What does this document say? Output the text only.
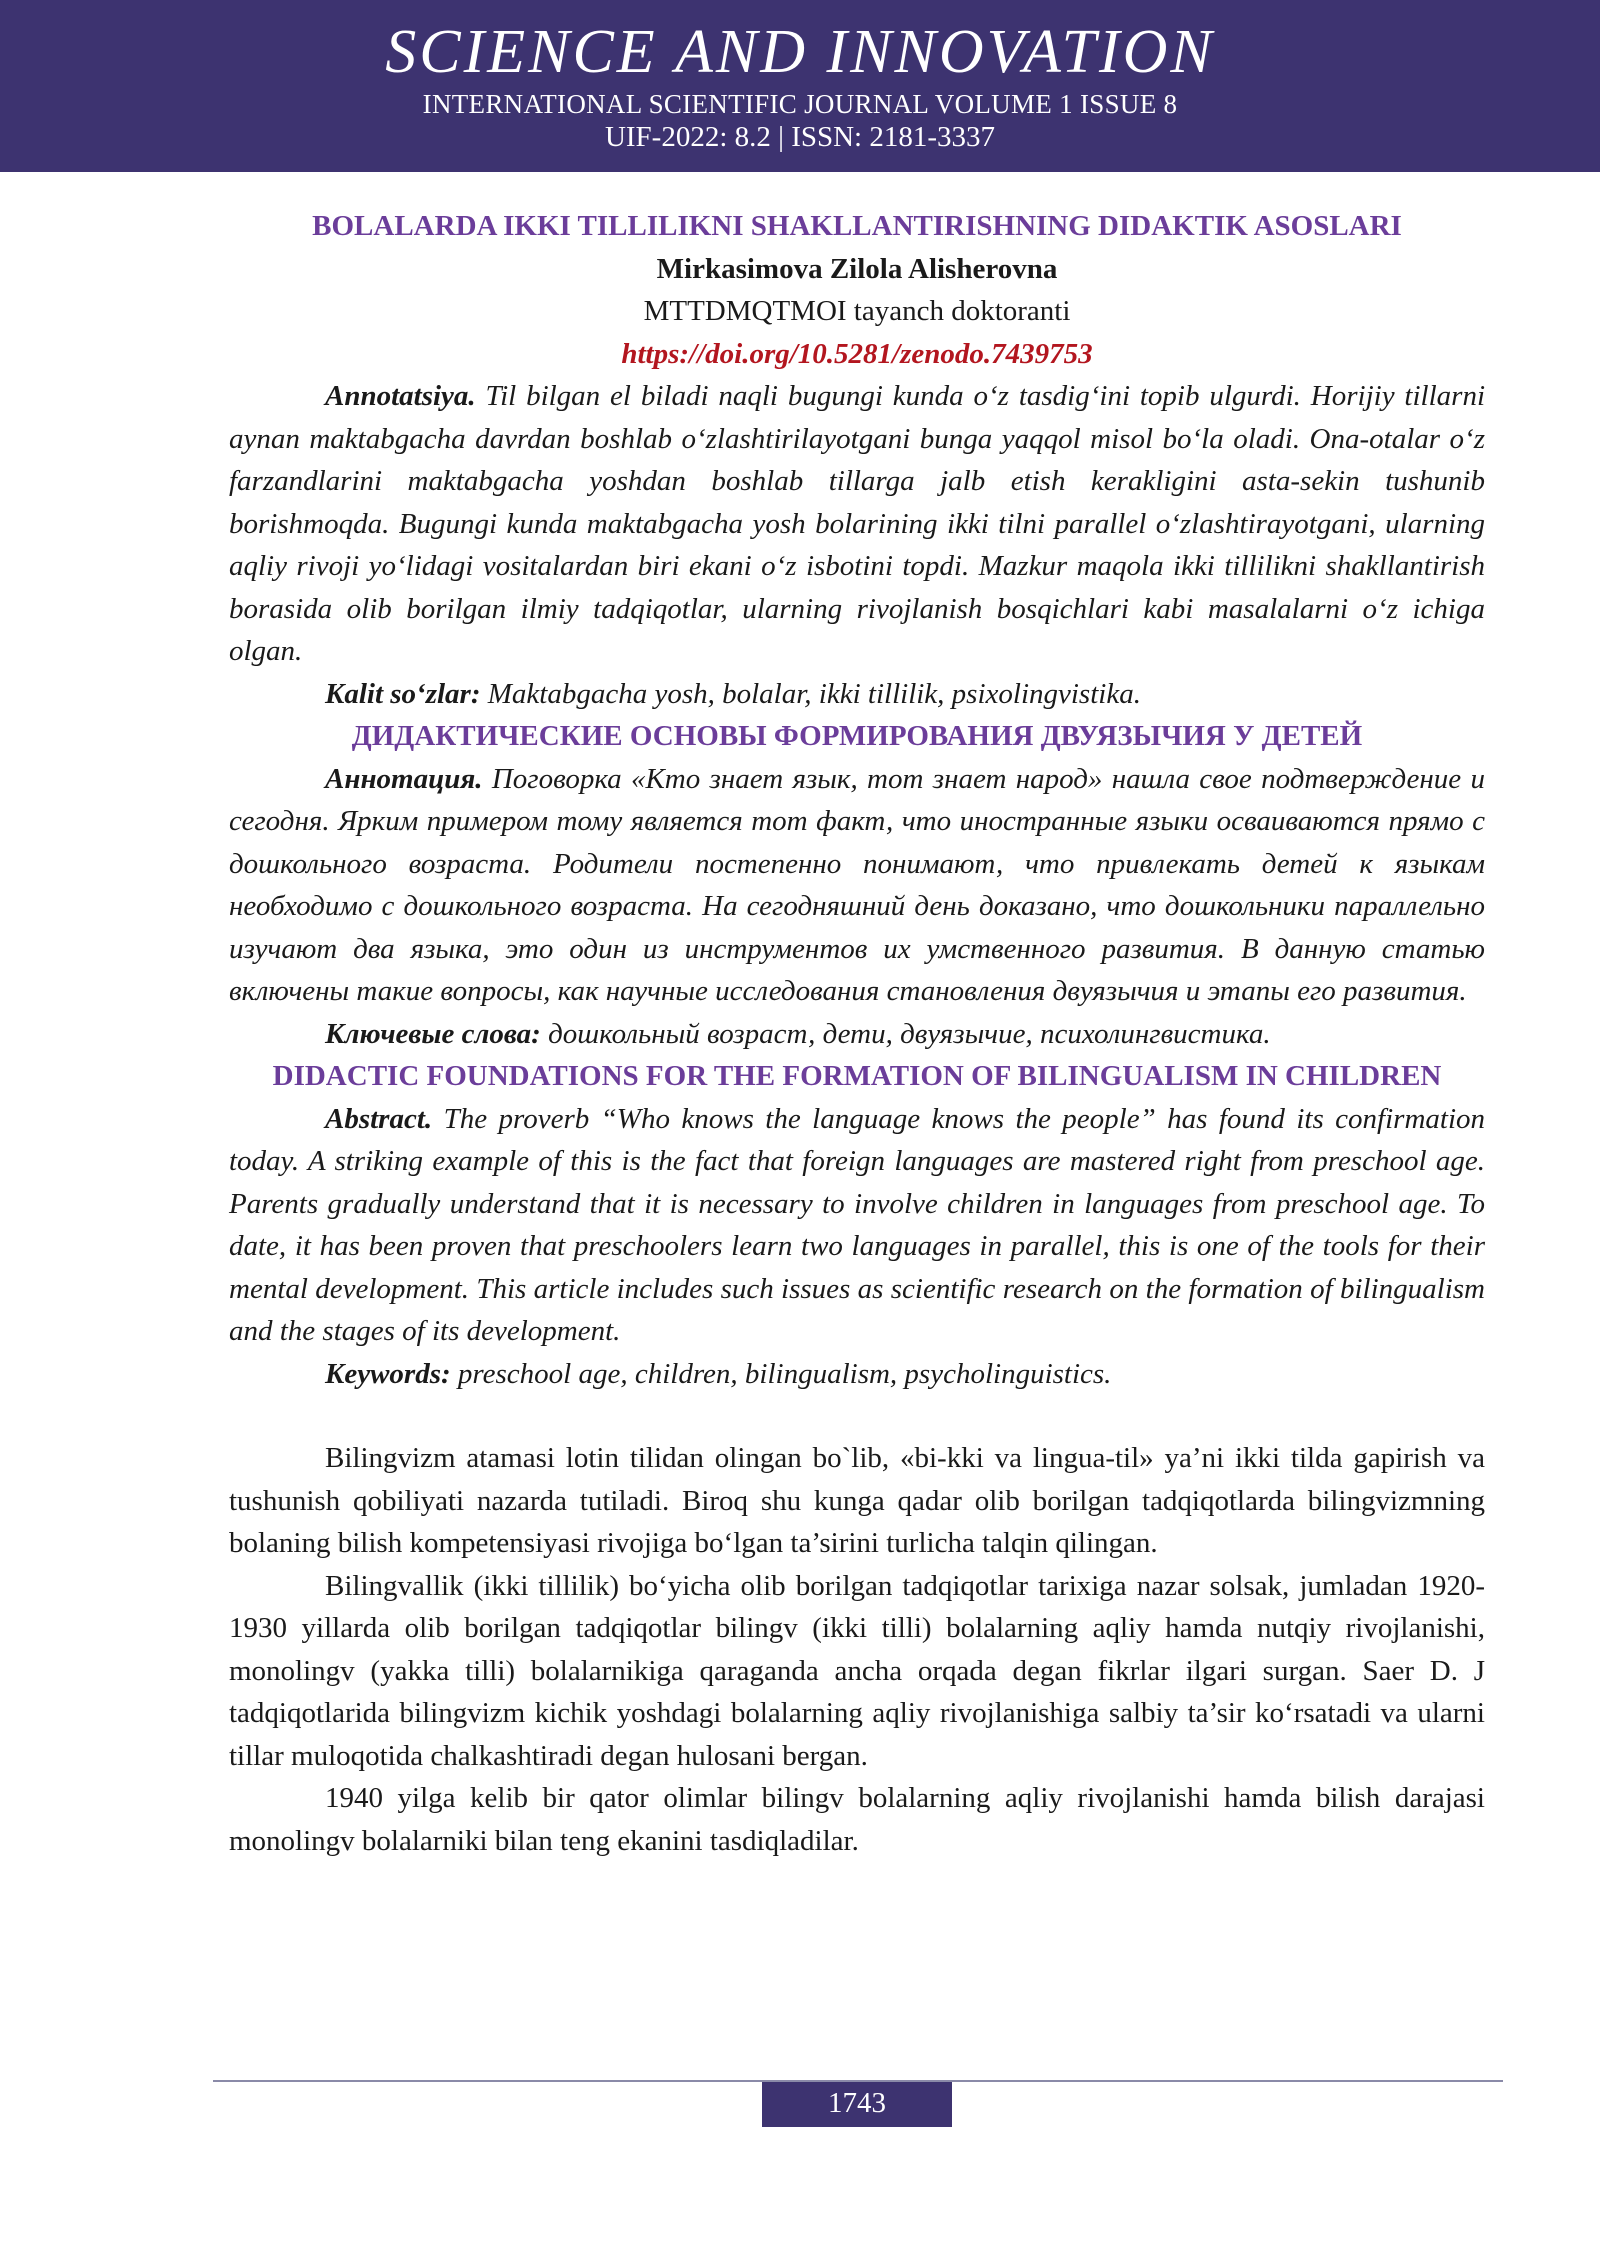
SCIENCE AND INNOVATION
INTERNATIONAL SCIENTIFIC JOURNAL VOLUME 1 ISSUE 8
UIF-2022: 8.2 | ISSN: 2181-3337

BOLALARDA IKKI TILLILIKNI SHAKLLANTIRISHNING DIDAKTIK ASOSLARI

Mirkasimova Zilola Alisherovna

MTTDMQTMOI tayanch doktoranti

https://doi.org/10.5281/zenodo.7439753

Annotatsiya. Til bilgan el biladi naqli bugungi kunda o‘z tasdig‘ini topib ulgurdi. Horijiy tillarni aynan maktabgacha davrdan boshlab o‘zlashtirilayotgani bunga yaqqol misol bo‘la oladi. Ona-otalar o‘z farzandlarini maktabgacha yoshdan boshlab tillarga jalb etish kerakligini asta-sekin tushunib borishmoqda. Bugungi kunda maktabgacha yosh bolarining ikki tilni parallel o‘zlashtirayotgani, ularning aqliy rivoji yo‘lidagi vositalardan biri ekani o‘z isbotini topdi. Mazkur maqola ikki tillilikni shakllantirish borasida olib borilgan ilmiy tadqiqotlar, ularning rivojlanish bosqichlari kabi masalalarni o‘z ichiga olgan.

Kalit so‘zlar: Maktabgacha yosh, bolalar, ikki tillilik, psixolingvistika.

ДИДАКТИЧЕСКИЕ ОСНОВЫ ФОРМИРОВАНИЯ ДВУЯЗЫЧИЯ У ДЕТЕЙ

Аннотация. Поговорка «Кто знает язык, тот знает народ» нашла свое подтверждение и сегодня. Ярким примером тому является тот факт, что иностранные языки осваиваются прямо с дошкольного возраста. Родители постепенно понимают, что привлекать детей к языкам необходимо с дошкольного возраста. На сегодняшний день доказано, что дошкольники параллельно изучают два языка, это один из инструментов их умственного развития. В данную статью включены такие вопросы, как научные исследования становления двуязычия и этапы его развития.

Ключевые слова: дошкольный возраст, дети, двуязычие, психолингвистика.

DIDACTIC FOUNDATIONS FOR THE FORMATION OF BILINGUALISM IN CHILDREN

Abstract. The proverb “Who knows the language knows the people” has found its confirmation today. A striking example of this is the fact that foreign languages are mastered right from preschool age. Parents gradually understand that it is necessary to involve children in languages from preschool age. To date, it has been proven that preschoolers learn two languages in parallel, this is one of the tools for their mental development. This article includes such issues as scientific research on the formation of bilingualism and the stages of its development.

Keywords: preschool age, children, bilingualism, psycholinguistics.

Bilingvizm atamasi lotin tilidan olingan bo`lib, «bi-kki va lingua-til» ya’ni ikki tilda gapirish va tushunish qobiliyati nazarda tutiladi. Biroq shu kunga qadar olib borilgan tadqiqotlarda bilingvizmning bolaning bilish kompetensiyasi rivojiga bo‘lgan ta’sirini turlicha talqin qilingan.

Bilingvallik (ikki tillilik) bo‘yicha olib borilgan tadqiqotlar tarixiga nazar solsak, jumladan 1920-1930 yillarda olib borilgan tadqiqotlar bilingv (ikki tilli) bolalarning aqliy hamda nutqiy rivojlanishi, monolingv (yakka tilli) bolalarnikiga qaraganda ancha orqada degan fikrlar ilgari surgan. Saer D. J tadqiqotlarida bilingvizm kichik yoshdagi bolalarning aqliy rivojlanishiga salbiy ta’sir ko‘rsatadi va ularni tillar muloqotida chalkashtiradi degan hulosani bergan.

1940 yilga kelib bir qator olimlar bilingv bolalarning aqliy rivojlanishi hamda bilish darajasi monolingv bolalarniki bilan teng ekanini tasdiqladilar.

1743
